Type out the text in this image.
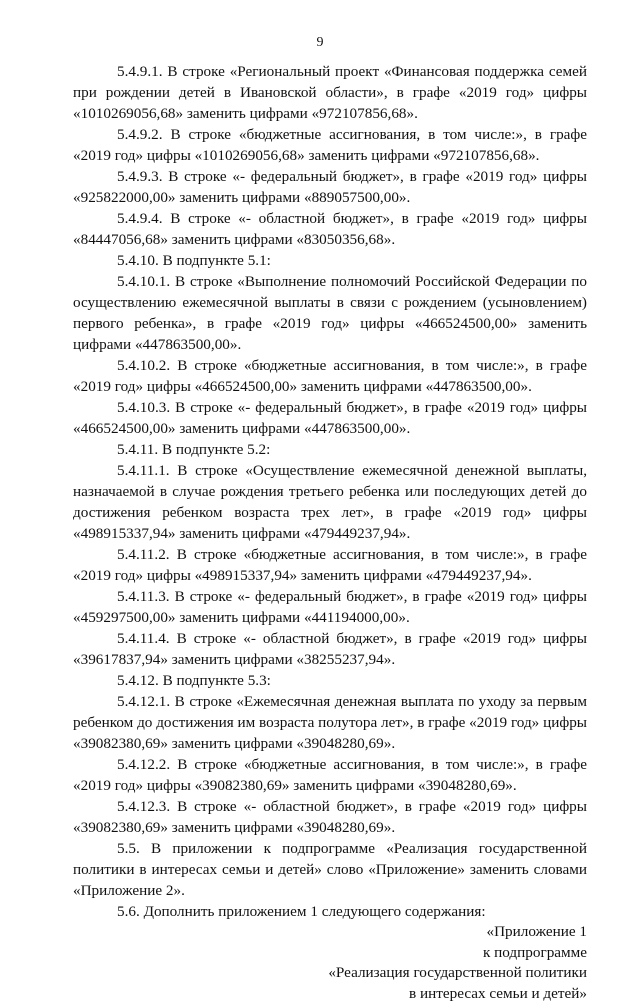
9

5.4.9.1. В строке «Региональный проект «Финансовая поддержка семей при рождении детей в Ивановской области», в графе «2019 год» цифры «1010269056,68» заменить цифрами «972107856,68».

5.4.9.2. В строке «бюджетные ассигнования, в том числе:», в графе «2019 год» цифры «1010269056,68» заменить цифрами «972107856,68».

5.4.9.3. В строке «- федеральный бюджет», в графе «2019 год» цифры «925822000,00» заменить цифрами «889057500,00».

5.4.9.4. В строке «- областной бюджет», в графе «2019 год» цифры «84447056,68» заменить цифрами «83050356,68».

5.4.10. В подпункте 5.1:

5.4.10.1. В строке «Выполнение полномочий Российской Федерации по осуществлению ежемесячной выплаты в связи с рождением (усыновлением) первого ребенка», в графе «2019 год» цифры «466524500,00» заменить цифрами «447863500,00».

5.4.10.2. В строке «бюджетные ассигнования, в том числе:», в графе «2019 год» цифры «466524500,00» заменить цифрами «447863500,00».

5.4.10.3. В строке «- федеральный бюджет», в графе «2019 год» цифры «466524500,00» заменить цифрами «447863500,00».

5.4.11. В подпункте 5.2:

5.4.11.1. В строке «Осуществление ежемесячной денежной выплаты, назначаемой в случае рождения третьего ребенка или последующих детей до достижения ребенком возраста трех лет», в графе «2019 год» цифры «498915337,94» заменить цифрами «479449237,94».

5.4.11.2. В строке «бюджетные ассигнования, в том числе:», в графе «2019 год» цифры «498915337,94» заменить цифрами «479449237,94».

5.4.11.3. В строке «- федеральный бюджет», в графе «2019 год» цифры «459297500,00» заменить цифрами «441194000,00».

5.4.11.4. В строке «- областной бюджет», в графе «2019 год» цифры «39617837,94» заменить цифрами «38255237,94».

5.4.12. В подпункте 5.3:

5.4.12.1. В строке «Ежемесячная денежная выплата по уходу за первым ребенком до достижения им возраста полутора лет», в графе «2019 год» цифры «39082380,69» заменить цифрами «39048280,69».

5.4.12.2. В строке «бюджетные ассигнования, в том числе:», в графе «2019 год» цифры «39082380,69» заменить цифрами «39048280,69».

5.4.12.3. В строке «- областной бюджет», в графе «2019 год» цифры «39082380,69» заменить цифрами «39048280,69».

5.5. В приложении к подпрограмме «Реализация государственной политики в интересах семьи и детей» слово «Приложение» заменить словами «Приложение 2».

5.6. Дополнить приложением 1 следующего содержания:

«Приложение 1

к подпрограмме

«Реализация государственной политики

в интересах семьи и детей»
